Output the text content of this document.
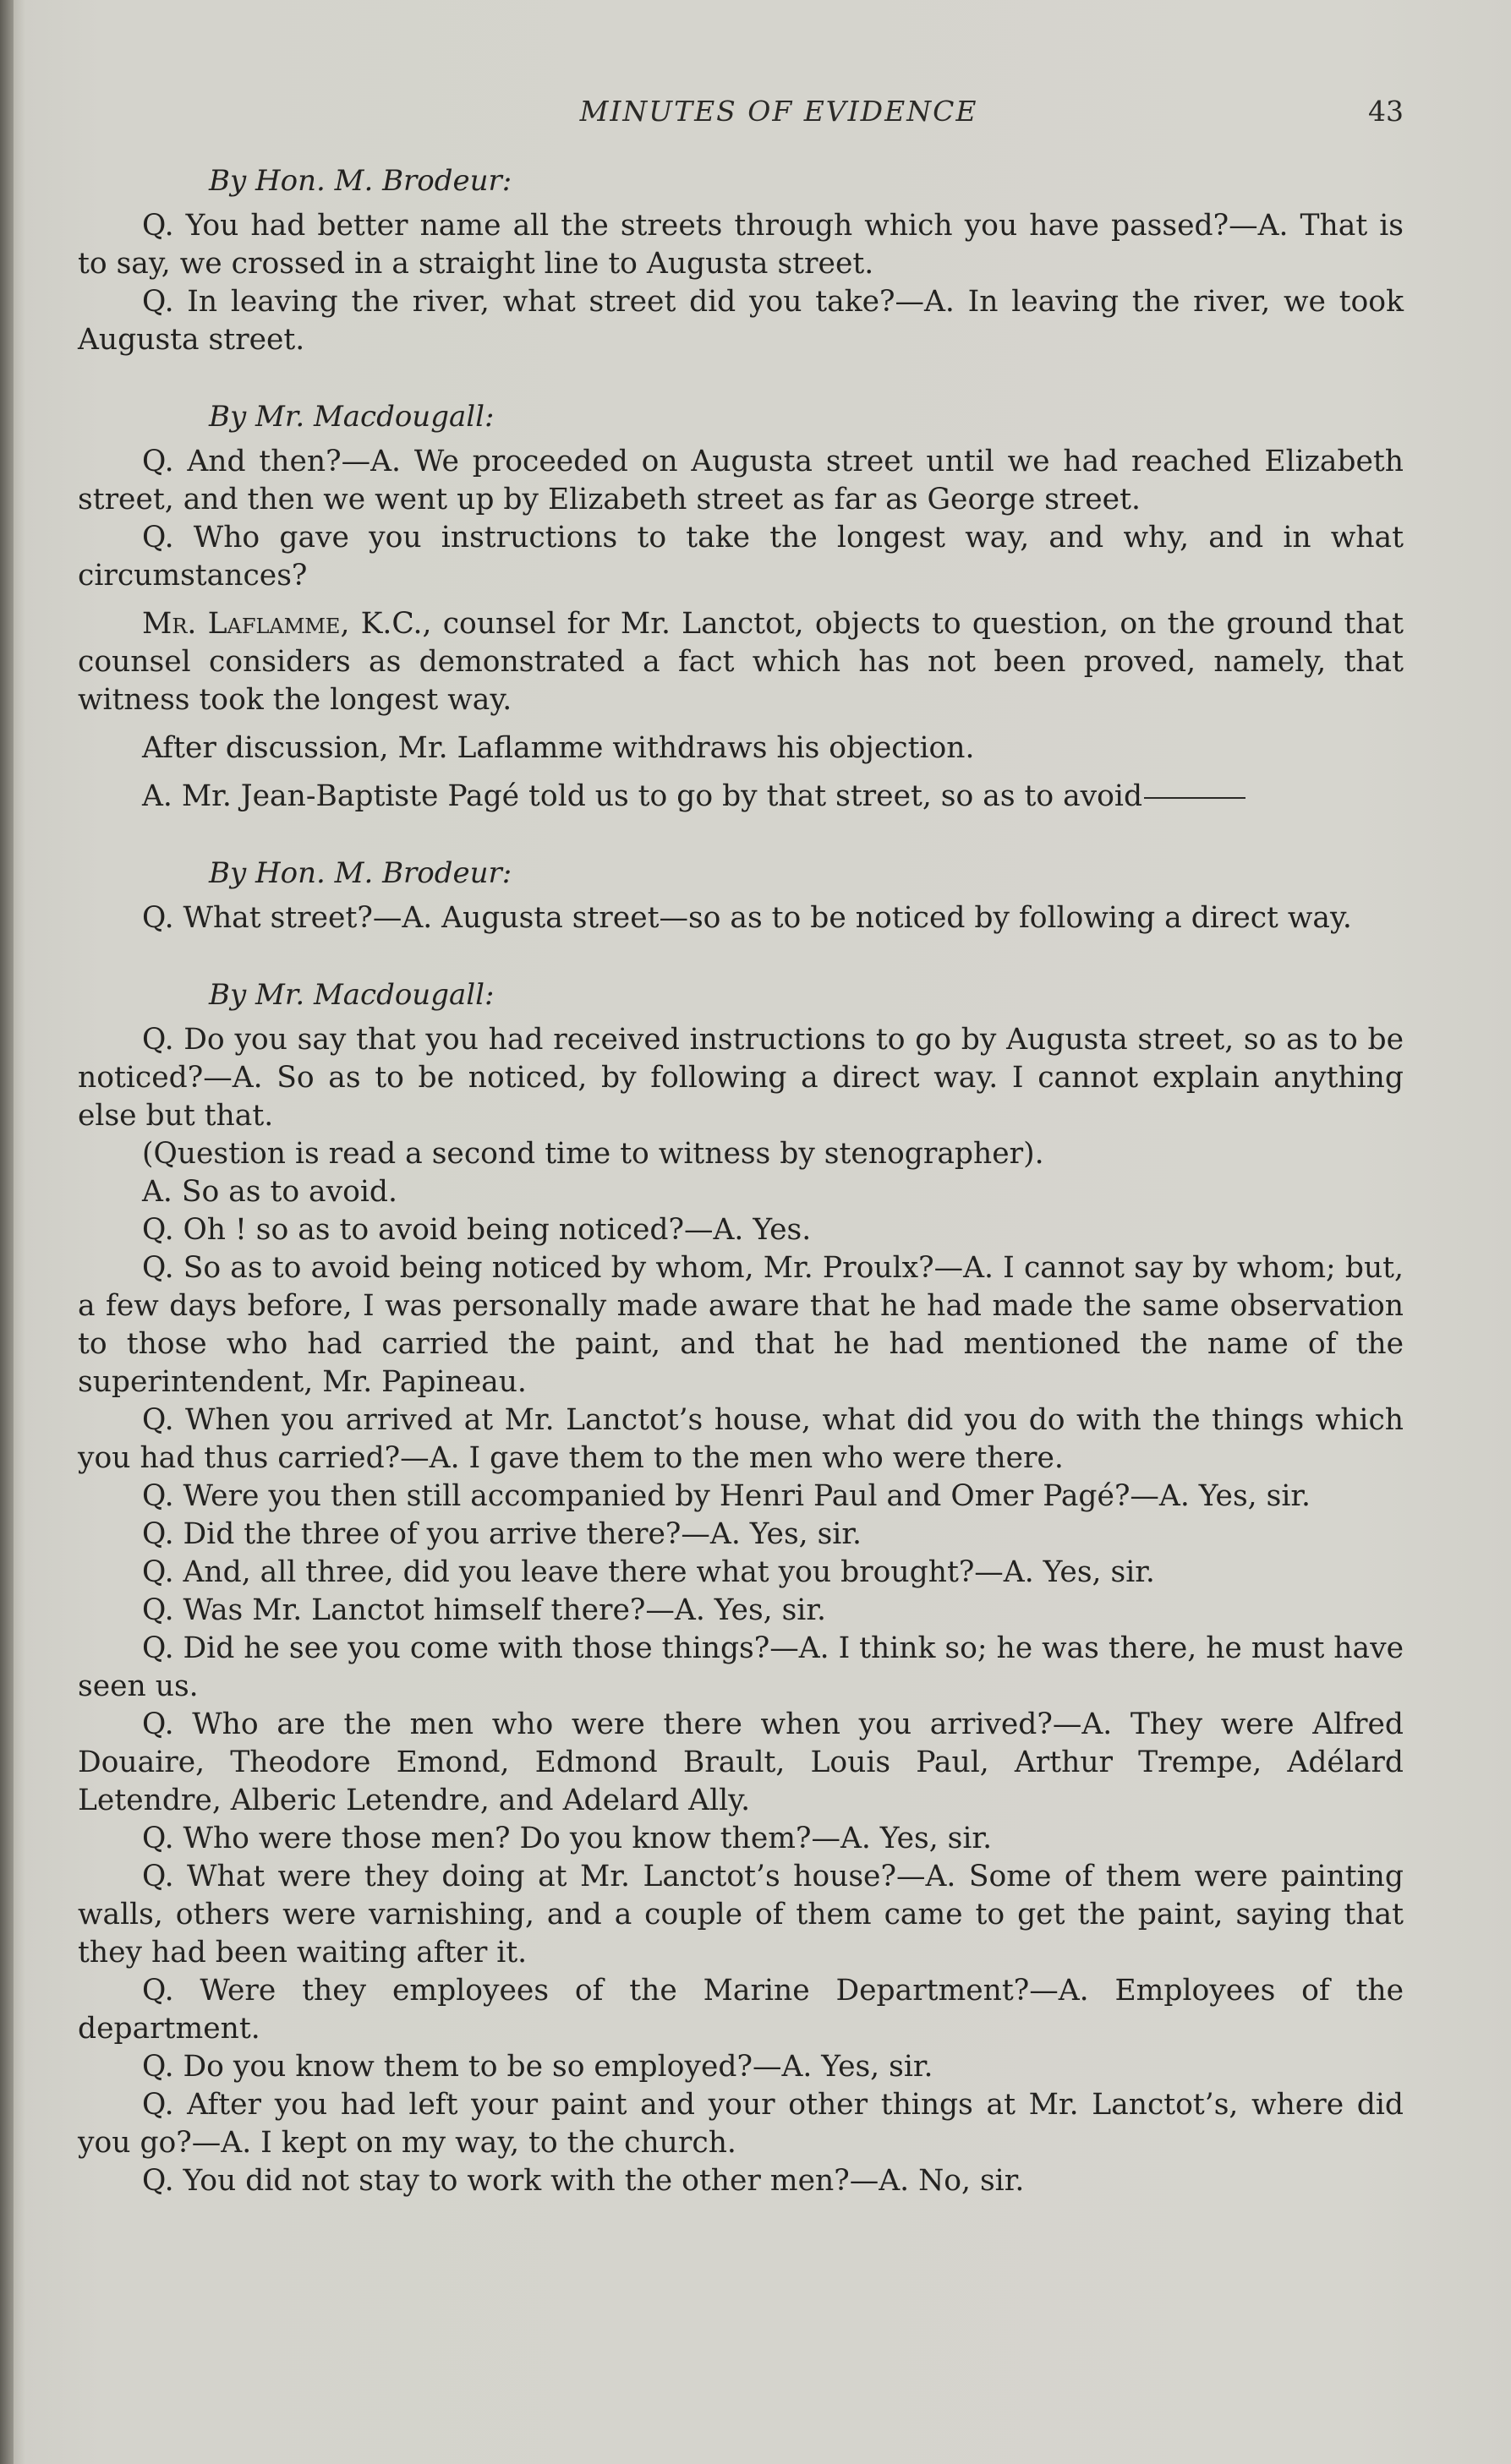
MINUTES OF EVIDENCE	43
By Hon. M. Brodeur:
Q. You had better name all the streets through which you have passed?—A. That is to say, we crossed in a straight line to Augusta street.
Q. In leaving the river, what street did you take?—A. In leaving the river, we took Augusta street.
By Mr. Macdougall:
Q. And then?—A. We proceeded on Augusta street until we had reached Elizabeth street, and then we went up by Elizabeth street as far as George street.
Q. Who gave you instructions to take the longest way, and why, and in what circumstances?
Mr. Laflamme, K.C., counsel for Mr. Lanctot, objects to question, on the ground that counsel considers as demonstrated a fact which has not been proved, namely, that witness took the longest way.
After discussion, Mr. Laflamme withdraws his objection.
A. Mr. Jean-Baptiste Pagé told us to go by that street, so as to avoid
By Hon. M. Brodeur:
Q. What street?—A. Augusta street—so as to be noticed by following a direct way.
By Mr. Macdougall:
Q. Do you say that you had received instructions to go by Augusta street, so as to be noticed?—A. So as to be noticed, by following a direct way. I cannot explain anything else but that.
(Question is read a second time to witness by stenographer).
A. So as to avoid.
Q. Oh ! so as to avoid being noticed?—A. Yes.
Q. So as to avoid being noticed by whom, Mr. Proulx?—A. I cannot say by whom; but, a few days before, I was personally made aware that he had made the same observation to those who had carried the paint, and that he had mentioned the name of the superintendent, Mr. Papineau.
Q. When you arrived at Mr. Lanctot’s house, what did you do with the things which you had thus carried?—A. I gave them to the men who were there.
Q. Were you then still accompanied by Henri Paul and Omer Pagé?—A. Yes, sir.
Q. Did the three of you arrive there?—A. Yes, sir.
Q. And, all three, did you leave there what you brought?—A. Yes, sir.
Q. Was Mr. Lanctot himself there?—A. Yes, sir.
Q. Did he see you come with those things?—A. I think so; he was there, he must have seen us.
Q. Who are the men who were there when you arrived?—A. They were Alfred Douaire, Theodore Emond, Edmond Brault, Louis Paul, Arthur Trempe, Adélard Letendre, Alberic Letendre, and Adelard Ally.
Q. Who were those men? Do you know them?—A. Yes, sir.
Q. What were they doing at Mr. Lanctot’s house?—A. Some of them were painting walls, others were varnishing, and a couple of them came to get the paint, saying that they had been waiting after it.
Q. Were they employees of the Marine Department?—A. Employees of the department.
Q. Do you know them to be so employed?—A. Yes, sir.
Q. After you had left your paint and your other things at Mr. Lanctot’s, where did you go?—A. I kept on my way, to the church.
Q. You did not stay to work with the other men?—A. No, sir.
